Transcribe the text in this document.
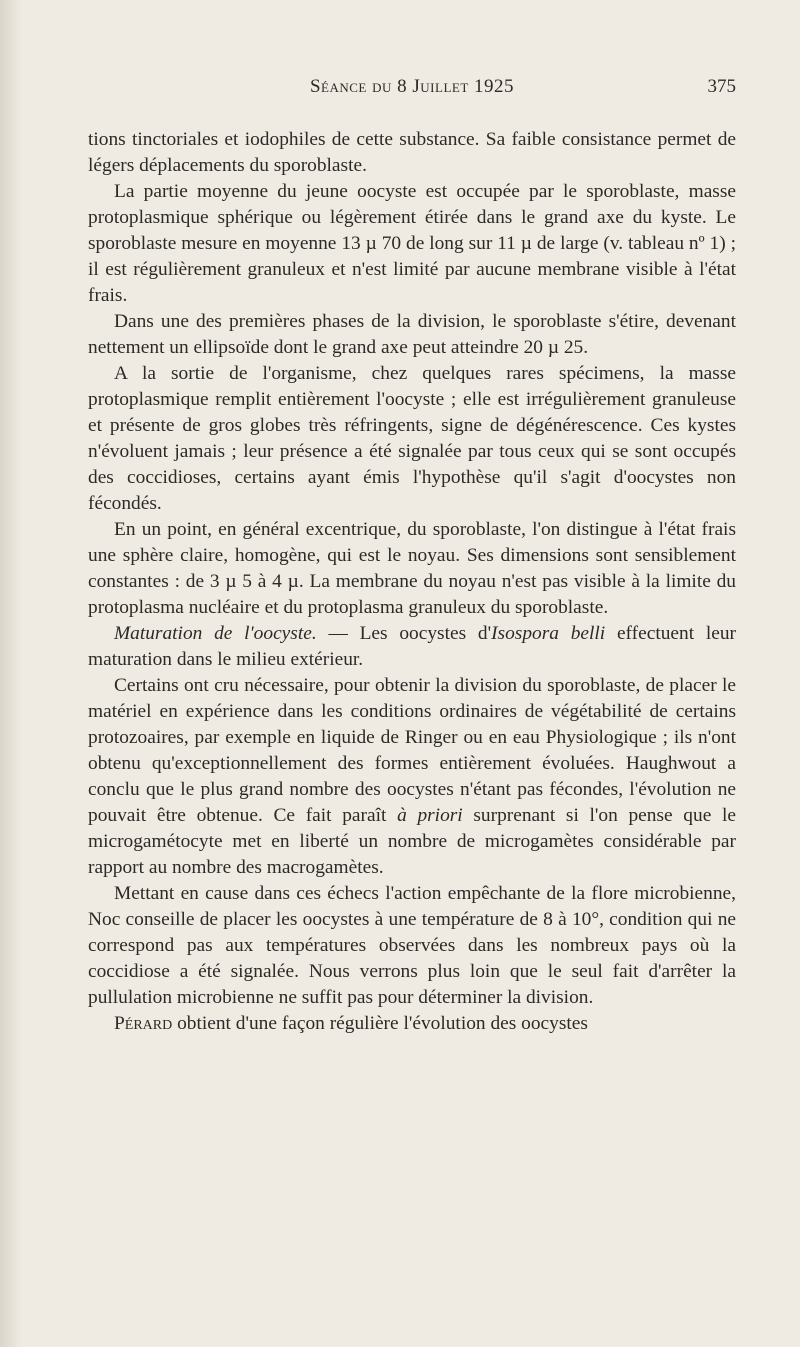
Séance du 8 Juillet 1925	375

tions tinctoriales et iodophiles de cette substance. Sa faible consistance permet de légers déplacements du sporoblaste.

La partie moyenne du jeune oocyste est occupée par le sporoblaste, masse protoplasmique sphérique ou légèrement étirée dans le grand axe du kyste. Le sporoblaste mesure en moyenne 13 µ 70 de long sur 11 µ de large (v. tableau nº 1) ; il est régulièrement granuleux et n'est limité par aucune membrane visible à l'état frais.

Dans une des premières phases de la division, le sporoblaste s'étire, devenant nettement un ellipsoïde dont le grand axe peut atteindre 20 µ 25.

A la sortie de l'organisme, chez quelques rares spécimens, la masse protoplasmique remplit entièrement l'oocyste ; elle est irrégulièrement granuleuse et présente de gros globes très réfringents, signe de dégénérescence. Ces kystes n'évoluent jamais ; leur présence a été signalée par tous ceux qui se sont occupés des coccidioses, certains ayant émis l'hypothèse qu'il s'agit d'oocystes non fécondés.

En un point, en général excentrique, du sporoblaste, l'on distingue à l'état frais une sphère claire, homogène, qui est le noyau. Ses dimensions sont sensiblement constantes : de 3 µ 5 à 4 µ. La membrane du noyau n'est pas visible à la limite du protoplasma nucléaire et du protoplasma granuleux du sporoblaste.

Maturation de l'oocyste. — Les oocystes d'Isospora belli effectuent leur maturation dans le milieu extérieur.

Certains ont cru nécessaire, pour obtenir la division du sporoblaste, de placer le matériel en expérience dans les conditions ordinaires de végétabilité de certains protozoaires, par exemple en liquide de Ringer ou en eau Physiologique ; ils n'ont obtenu qu'exceptionnellement des formes entièrement évoluées. Haughwout a conclu que le plus grand nombre des oocystes n'étant pas fécondes, l'évolution ne pouvait être obtenue. Ce fait paraît à priori surprenant si l'on pense que le microgamétocyte met en liberté un nombre de microgamètes considérable par rapport au nombre des macrogamètes.

Mettant en cause dans ces échecs l'action empêchante de la flore microbienne, Noc conseille de placer les oocystes à une température de 8 à 10°, condition qui ne correspond pas aux températures observées dans les nombreux pays où la coccidiose a été signalée. Nous verrons plus loin que le seul fait d'arrêter la pullulation microbienne ne suffit pas pour déterminer la division.

Pérard obtient d'une façon régulière l'évolution des oocystes
